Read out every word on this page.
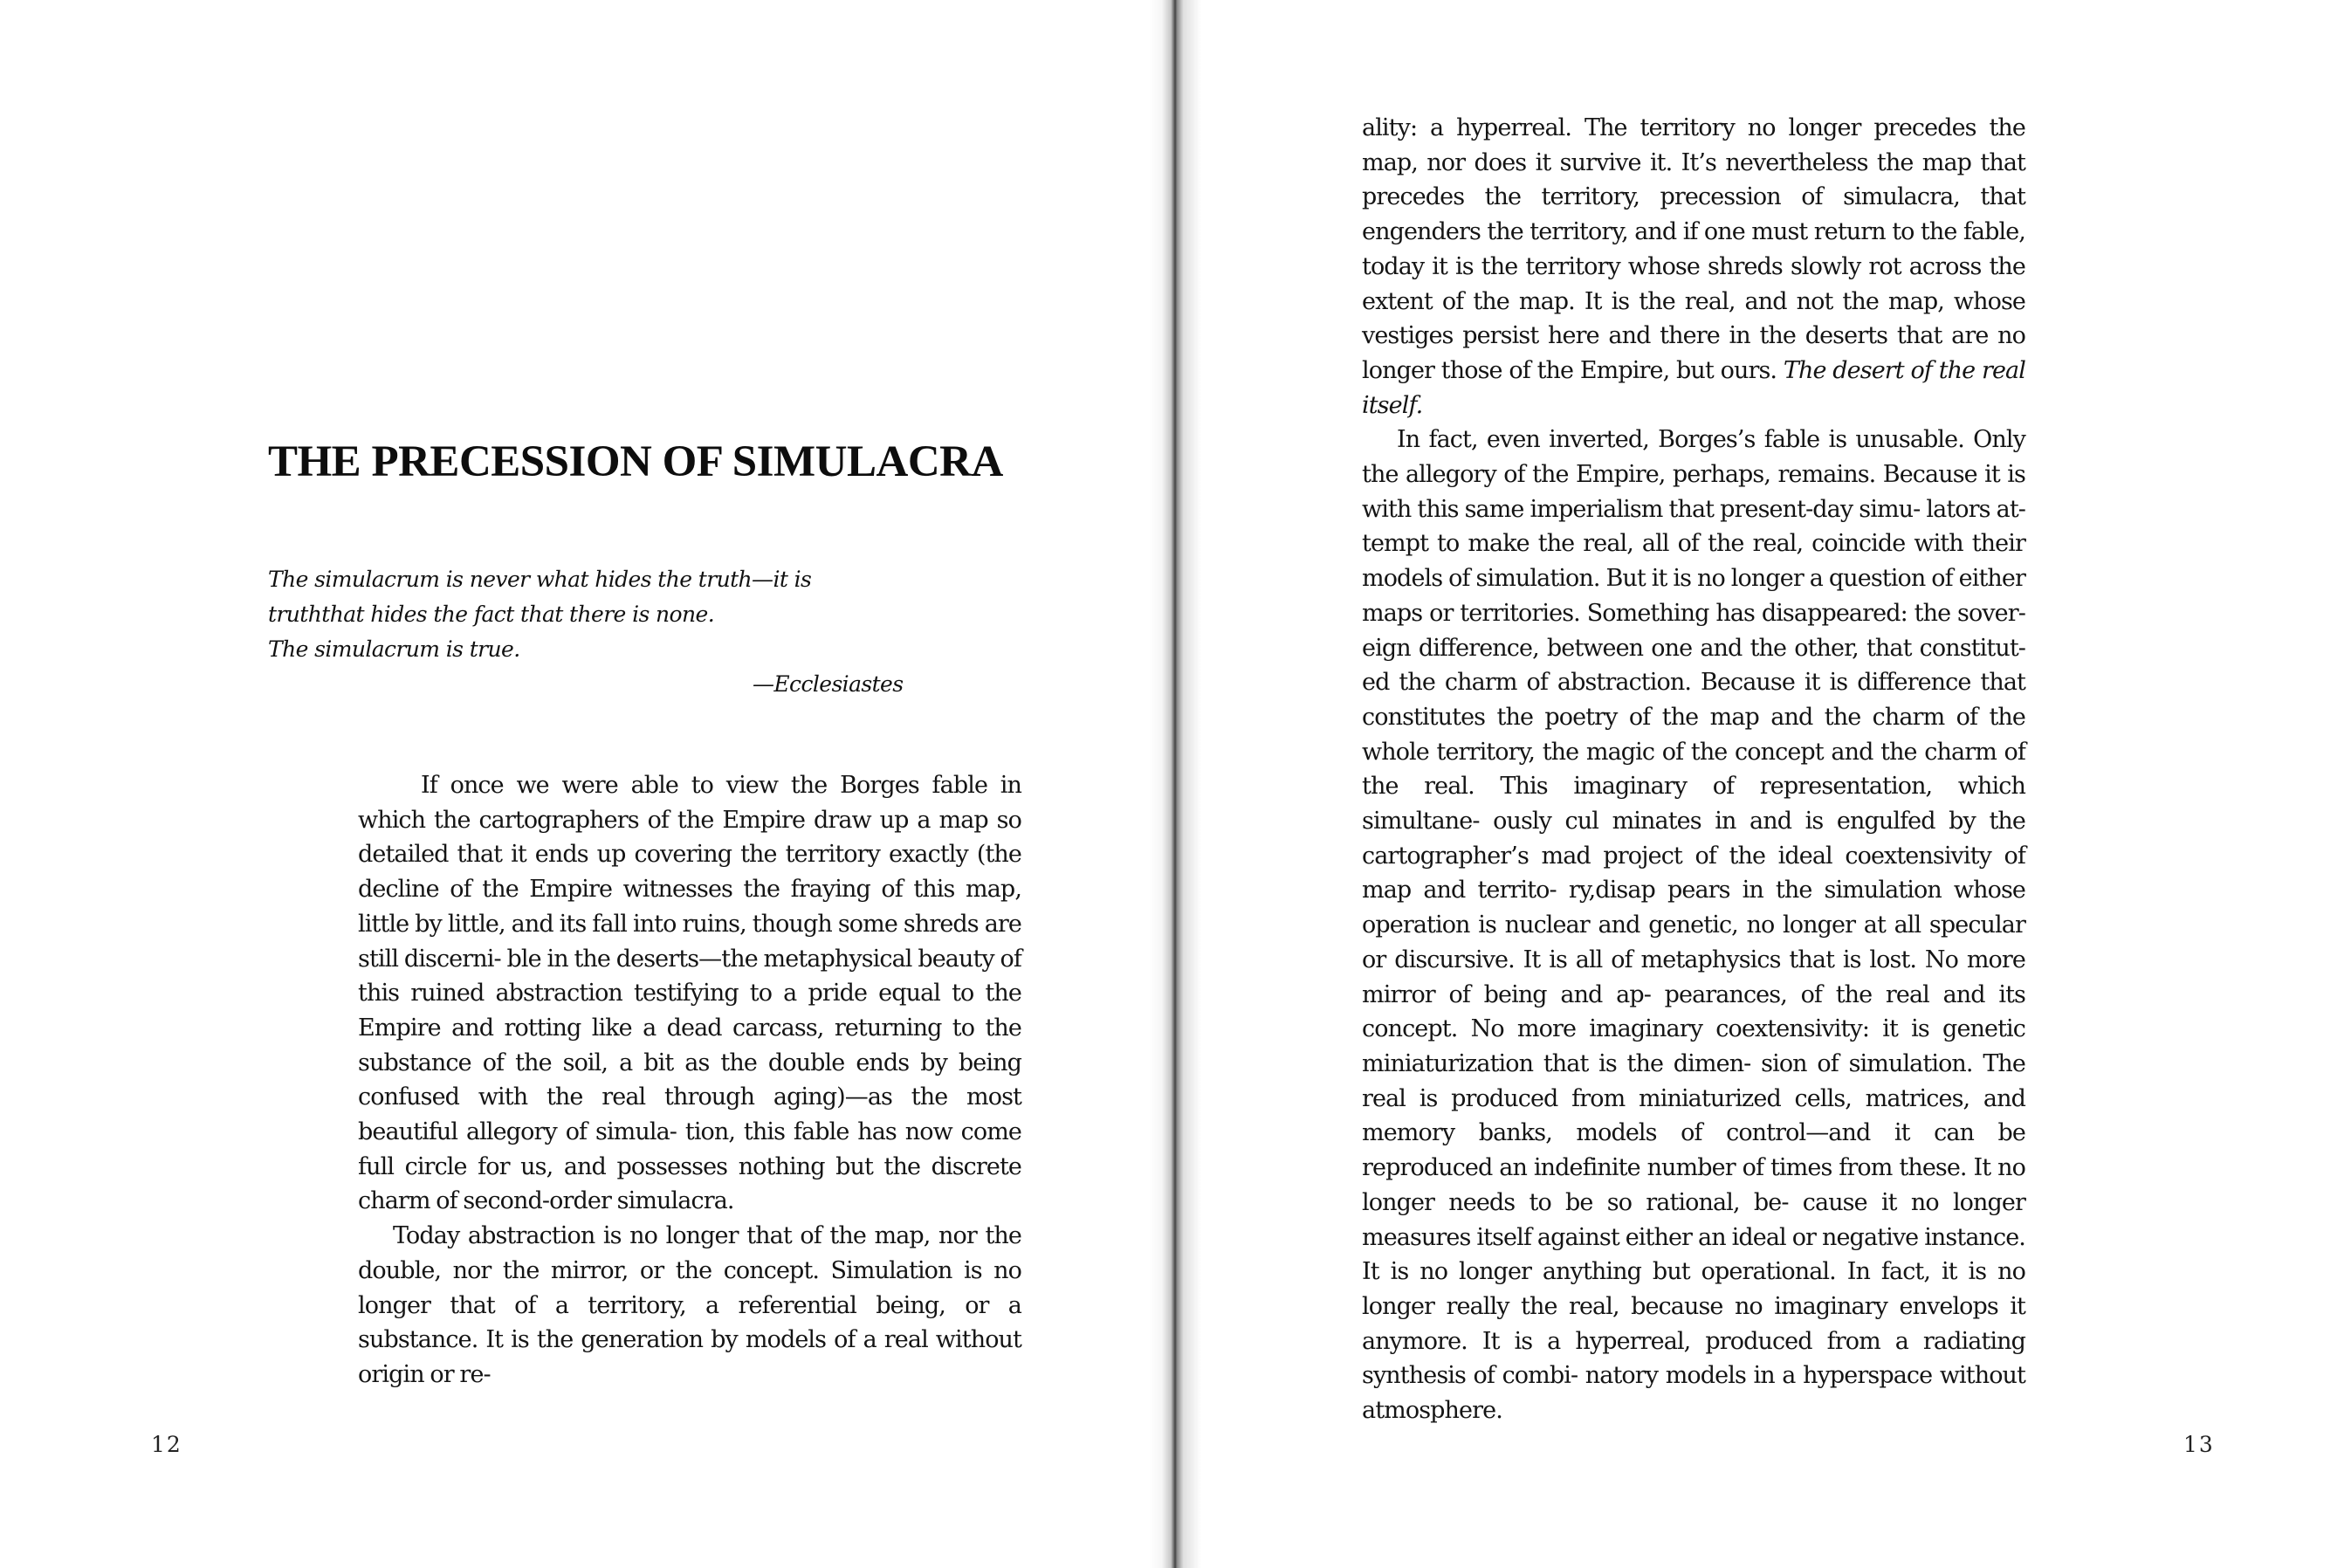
THE PRECESSION OF SIMULACRA
The simulacrum is never what hides the truth—it is
truththat hides the fact that there is none.
The simulacrum is true.
—Ecclesiastes

If once we were able to view the Borges fable in which the cartographers of the Empire draw up a map so detailed that it ends up covering the territory exactly (the decline of the Empire witnesses the fraying of this map, little by little, and its fall into ruins, though some shreds are still discerni- ble in the deserts—the metaphysical beauty of this ruined abstraction testifying to a pride equal to the Empire and rotting like a dead carcass, returning to the substance of the soil, a bit as the double ends by being confused with the real through aging)—as the most beautiful allegory of simula- tion, this fable has now come full circle for us, and possesses nothing but the discrete charm of second-order simulacra.

Today abstraction is no longer that of the map, nor the double, nor the mirror, or the concept. Simulation is no longer that of a territory, a referential being, or a substance. It is the generation by models of a real without origin or re-

12	13

ality: a hyperreal. The territory no longer precedes the map, nor does it survive it. It’s nevertheless the map that precedes the territory, precession of simulacra, that engenders the territory, and if one must return to the fable, today it is the territory whose shreds slowly rot across the extent of the map. It is the real, and not the map, whose vestiges persist here and there in the deserts that are no longer those of the Empire, but ours. The desert of the real itself.

In fact, even inverted, Borges’s fable is unusable. Only the allegory of the Empire, perhaps, remains. Because it is with this same imperialism that present-day simu- lators at- tempt to make the real, all of the real, coincide with their models of simulation. But it is no longer a question of either maps or territories. Something has disappeared: the sover- eign difference, between one and the other, that constitut- ed the charm of abstraction. Because it is difference that constitutes the poetry of the map and the charm of the whole territory, the magic of the concept and the charm of the real. This imaginary of representation, which simultane- ously cul minates in and is engulfed by the cartographer’s mad project of the ideal coextensivity of map and territo- ry,disap pears in the simulation whose operation is nuclear and genetic, no longer at all specular or discursive. It is all of metaphysics that is lost. No more mirror of being and ap- pearances, of the real and its concept. No more imaginary coextensivity: it is genetic miniaturization that is the dimen- sion of simulation. The real is produced from miniaturized cells, matrices, and memory banks, models of control—and it can be reproduced an indefinite number of times from these. It no longer needs to be so rational, be- cause it no longer measures itself against either an ideal or negative instance. It is no longer anything but operational. In fact, it is no longer really the real, because no imaginary envelops it anymore. It is a hyperreal, produced from a radiating synthesis of combi- natory models in a hyperspace without atmosphere.
